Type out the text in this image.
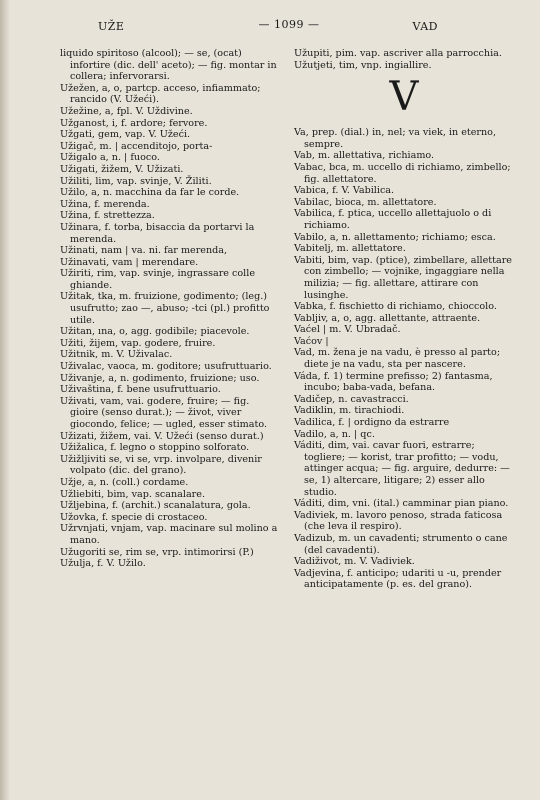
UŽE	— 1099 —	VAD

liquido spiritoso (alcool); — se, (ocat) infortire (dic. dell' aceto); — fig. montar in collera; infervorarsi.

Užežen, a, o, partcp. acceso, infiammato; rancido (V. Užeći).

Užežine, a, fpl. V. Uždivine.

Užganost, i, f. ardore; fervore.

Užgati, gem, vap. V. Užeći.

Užigač, m. | accenditojo, porta-

Užigalo a, n. | fuoco.

Užigati, žižem, V. Užizati.

Užiliti, lim, vap. svinje, V. Žiliti.

Užilo, a, n. macchina da far le corde.

Užina, f. merenda.

Užina, f. strettezza.

Užinara, f. torba, bisaccia da portarvi la merenda.

Užinati, nam | va. ni. far merenda,

Užinavati, vam | merendare.

Užiriti, rim, vap. svinje, ingrassare colle ghiande.

Užitak, tka, m. fruizione, godimento; (leg.) usufrutto; zao —, abuso; -tci (pl.) profitto utile.

Užitan, ına, o, agg. godibile; piacevole.

Užiti, žijem, vap. godere, fruire.

Užitnik, m. V. Uživalac.

Uživalac, vaoca, m. goditore; usufruttuario.

Uživanje, a, n. godimento, fruizione; uso.

Uživaština, f. bene usufruttuario.

Uživati, vam, vai. godere, fruire; — fig. gioire (senso durat.); — život, viver giocondo, felice; — ugled, esser stimato.

Užizati, žižem, vai. V. Užeći (senso durat.)

Užižalica, f. legno o stoppino solforato.

Užižljiviti se, vi se, vrp. involpare, divenir volpato (dic. del grano).

Užje, a, n. (coll.) cordame.

Užliebiti, bim, vap. scanalare.

Užljebina, f. (archit.) scanalatura, gola.

Užovka, f. specie di crostaceo.

Užrvnjati, vnjam, vap. macinare sul molino a mano.

Užugoriti se, rim se, vrp. intimorirsi (P.)

Užulja, f. V. Užilo.

Užupiti, pim. vap. ascriver alla parrocchia.

Užutjeti, tim, vnp. ingiallire.

V

Va, prep. (dial.) in, nel; va viek, in eterno, sempre.

Vab, m. allettativa, richiamo.

Vabac, bca, m. uccello di richiamo, zimbello; fig. allettatore.

Vabica, f. V. Vabilica.

Vabilac, bioca, m. allettatore.

Vabilica, f. ptica, uccello allettajuolo o di richiamo.

Vabilo, a, n. allettamento; richiamo; esca.

Vabitelj, m. allettatore.

Vabiti, bim, vap. (ptice), zimbellare, allettare con zimbello; — vojnike, ingaggiare nella milizia; — fig. allettare, attirare con lusinghe.

Vabka, f. fischietto di richiamo, chioccolo.

Vabljiv, a, o, agg. allettante, attraente.

Vaćel | m. V. Ubradač.

Vaćov |

Vad, m. žena je na vadu, è presso al parto; diete je na vadu, sta per nascere.

Váda, f. 1) termine prefisso; 2) fantasma, incubo; baba-vada, befana.

Vadičep, n. cavastracci.

Vadiklin, m. tirachiodi.

Vadilica, f. | ordigno da estrarre

Vadilo, a, n. | qc.

Váditi, dim, vai. cavar fuori, estrarre; togliere; — korist, trar profitto; — vodu, attinger acqua; — fig. arguire, dedurre: — se, 1) altercare, litigare; 2) esser allo studio.

Váditi, dim, vni. (ital.) camminar pian piano.

Vadiviek, m. lavoro penoso, strada faticosa (che leva il respiro).

Vadizub, m. un cavadenti; strumento o cane (del cavadenti).

Vadiživot, m. V. Vadiviek.

Vadjevina, f. anticipo; udariti u -u, prender anticipatamente (p. es. del grano).
